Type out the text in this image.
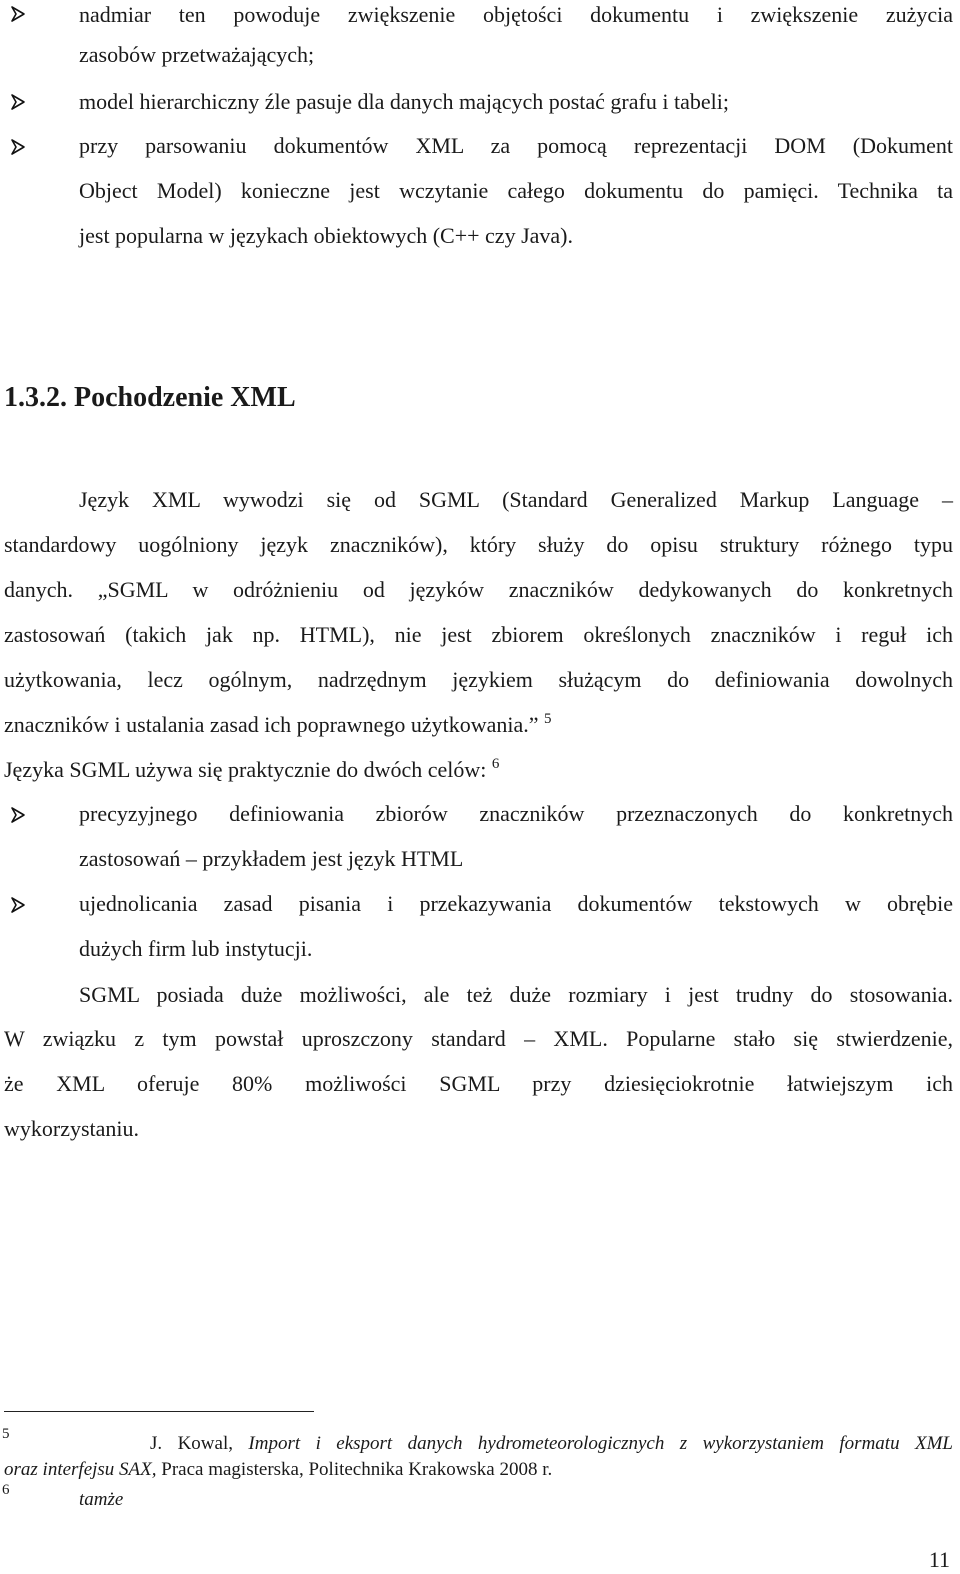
nadmiar ten powoduje zwiększenie objętości dokumentu i zwiększenie zużycia
zasobów przetważających;
model hierarchiczny źle pasuje dla danych mających postać grafu i tabeli;
przy parsowaniu dokumentów XML za pomocą reprezentacji DOM (Dokument
Object Model) konieczne jest wczytanie całego dokumentu do pamięci. Technika ta
jest popularna w językach obiektowych (C++ czy Java).
1.3.2. Pochodzenie XML
Język XML wywodzi się od SGML (Standard Generalized Markup Language –
standardowy uogólniony język znaczników), który służy do opisu struktury różnego typu
danych. „SGML w odróżnieniu od języków znaczników dedykowanych do konkretnych
zastosowań (takich jak np. HTML), nie jest zbiorem określonych znaczników i reguł ich
użytkowania, lecz ogólnym, nadrzędnym językiem służącym do definiowania dowolnych
znaczników i ustalania zasad ich poprawnego użytkowania.” $^5$
Języka SGML używa się praktycznie do dwóch celów: $^6$
precyzyjnego definiowania zbiorów znaczników przeznaczonych do konkretnych
zastosowań – przykładem jest język HTML
ujednolicania zasad pisania i przekazywania dokumentów tekstowych w obrębie
dużych firm lub instytucji.
SGML posiada duże możliwości, ale też duże rozmiary i jest trudny do stosowania.
W związku z tym powstał uproszczony standard – XML. Popularne stało się stwierdzenie,
że XML oferuje 80% możliwości SGML przy dziesięciokrotnie łatwiejszym ich
wykorzystaniu.
5	J. Kowal, Import i eksport danych hydrometeorologicznych z wykorzystaniem formatu XML
oraz interfejsu SAX, Praca magisterska, Politechnika Krakowska 2008 r.
6	tamże
11
